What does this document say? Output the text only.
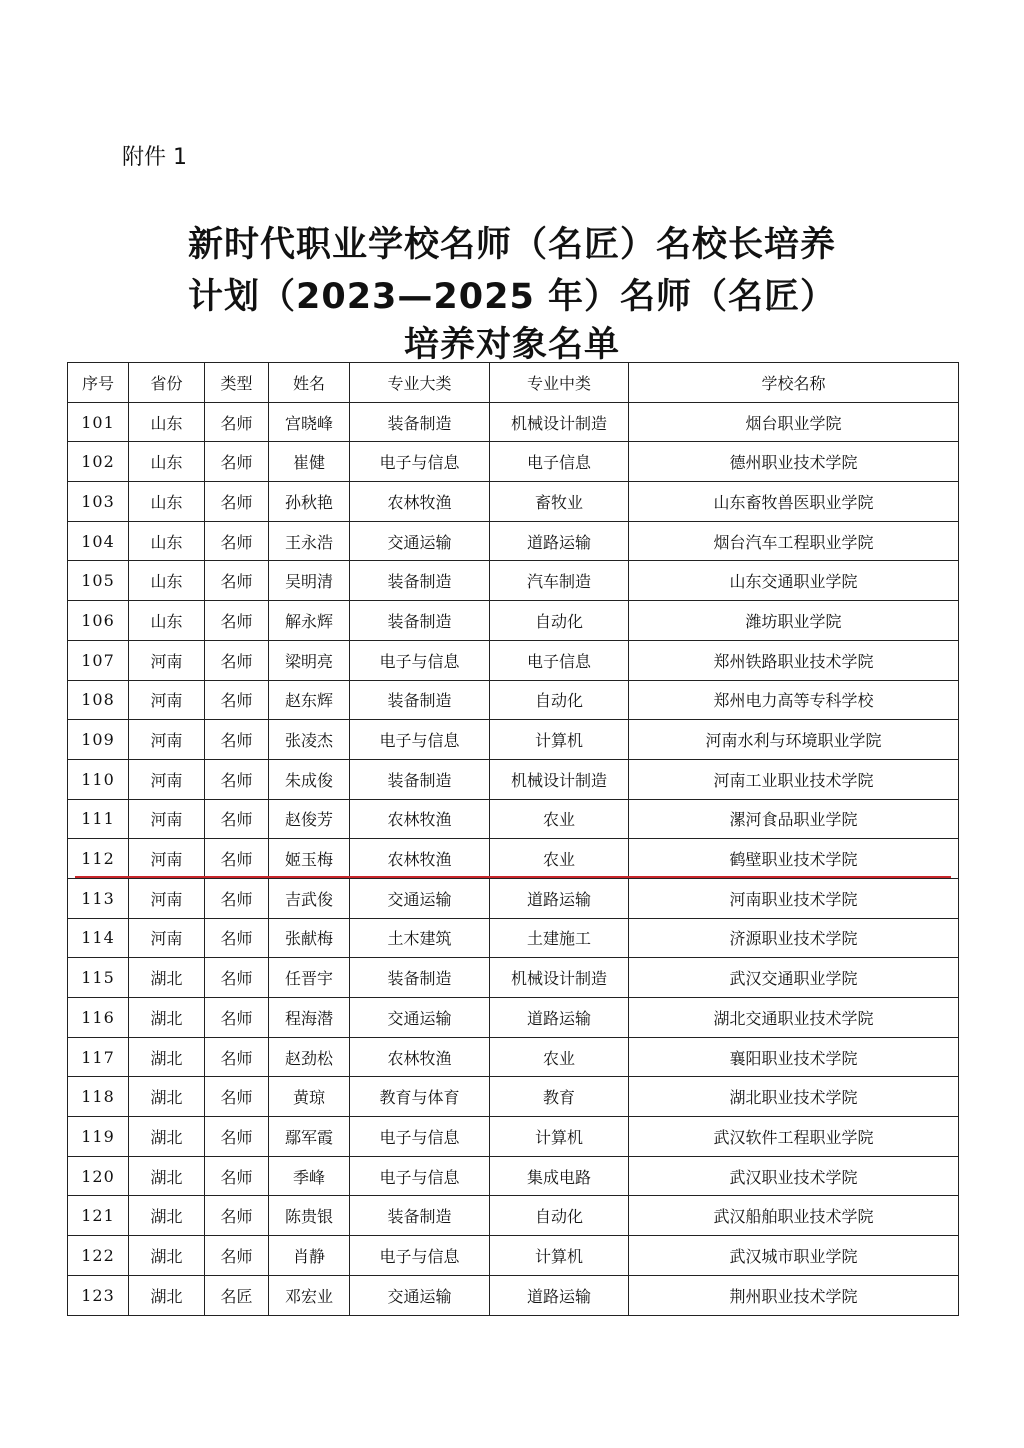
附件 1
新时代职业学校名师（名匠）名校长培养
计划（2023—2025 年）名师（名匠）
培养对象名单
序号	省份	类型	姓名	专业大类	专业中类	学校名称
101	山东	名师	宫晓峰	装备制造	机械设计制造	烟台职业学院
102	山东	名师	崔健	电子与信息	电子信息	德州职业技术学院
103	山东	名师	孙秋艳	农林牧渔	畜牧业	山东畜牧兽医职业学院
104	山东	名师	王永浩	交通运输	道路运输	烟台汽车工程职业学院
105	山东	名师	吴明清	装备制造	汽车制造	山东交通职业学院
106	山东	名师	解永辉	装备制造	自动化	潍坊职业学院
107	河南	名师	梁明亮	电子与信息	电子信息	郑州铁路职业技术学院
108	河南	名师	赵东辉	装备制造	自动化	郑州电力高等专科学校
109	河南	名师	张凌杰	电子与信息	计算机	河南水利与环境职业学院
110	河南	名师	朱成俊	装备制造	机械设计制造	河南工业职业技术学院
111	河南	名师	赵俊芳	农林牧渔	农业	漯河食品职业学院
112	河南	名师	姬玉梅	农林牧渔	农业	鹤壁职业技术学院
113	河南	名师	吉武俊	交通运输	道路运输	河南职业技术学院
114	河南	名师	张献梅	土木建筑	土建施工	济源职业技术学院
115	湖北	名师	任晋宇	装备制造	机械设计制造	武汉交通职业学院
116	湖北	名师	程海潜	交通运输	道路运输	湖北交通职业技术学院
117	湖北	名师	赵劲松	农林牧渔	农业	襄阳职业技术学院
118	湖北	名师	黄琼	教育与体育	教育	湖北职业技术学院
119	湖北	名师	鄢军霞	电子与信息	计算机	武汉软件工程职业学院
120	湖北	名师	季峰	电子与信息	集成电路	武汉职业技术学院
121	湖北	名师	陈贵银	装备制造	自动化	武汉船舶职业技术学院
122	湖北	名师	肖静	电子与信息	计算机	武汉城市职业学院
123	湖北	名匠	邓宏业	交通运输	道路运输	荆州职业技术学院
